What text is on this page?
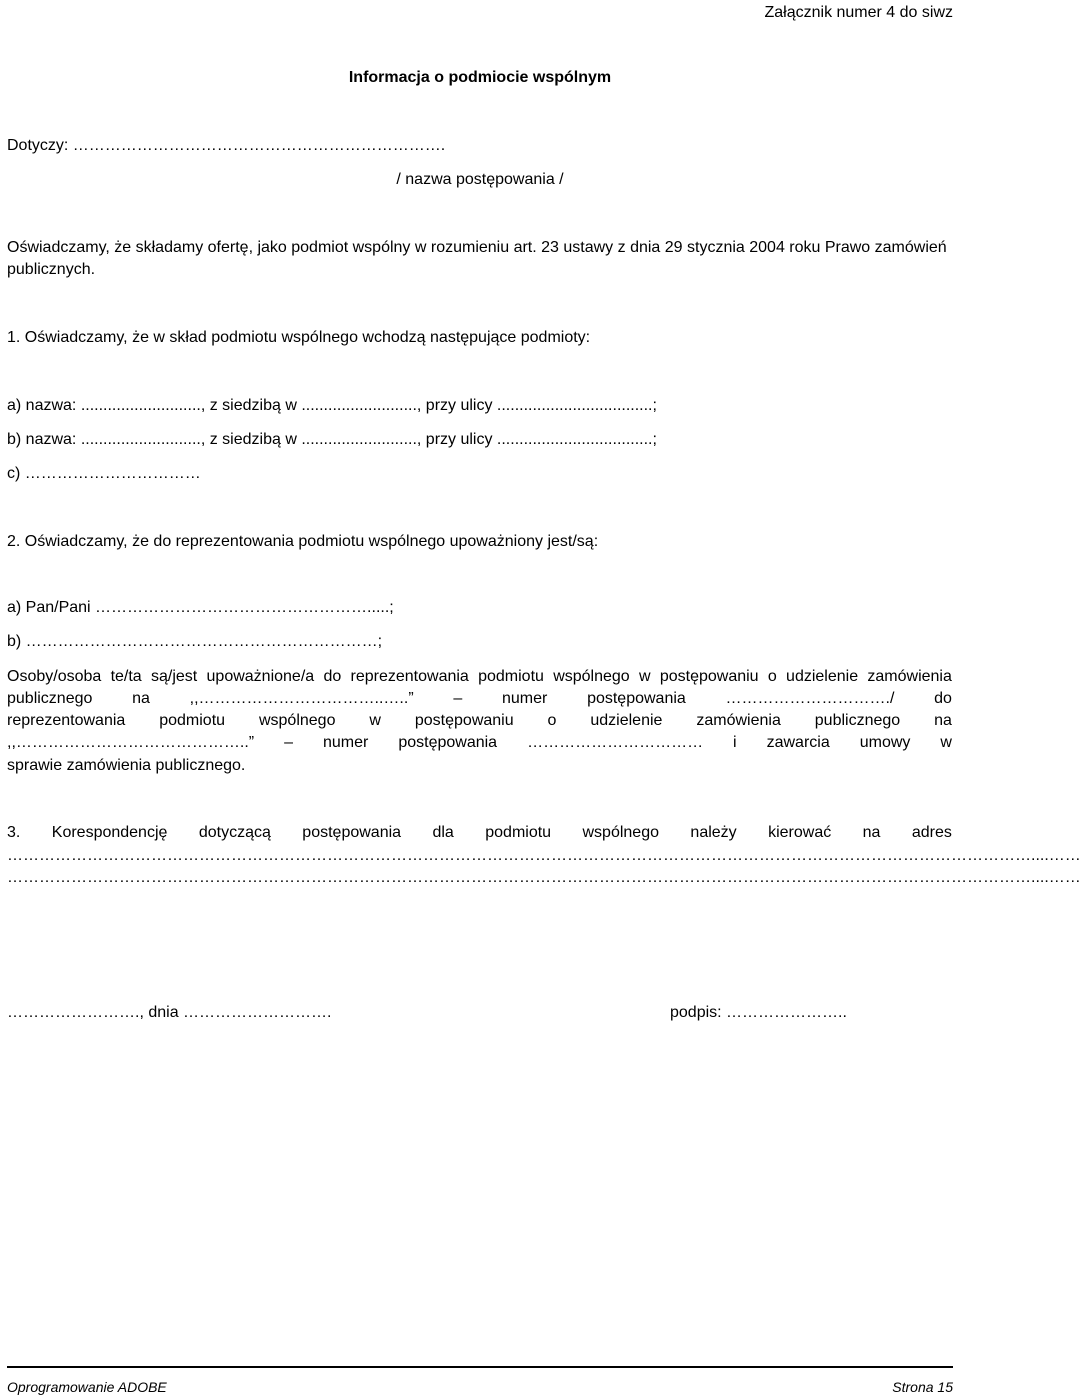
Załącznik numer 4 do siwz
Informacja o podmiocie wspólnym
Dotyczy: …………………………………………………………….
/ nazwa postępowania /
Oświadczamy, że składamy ofertę, jako podmiot wspólny w rozumieniu art. 23 ustawy z dnia 29 stycznia 2004 roku Prawo zamówień
publicznych.
1. Oświadczamy, że w skład podmiotu wspólnego wchodzą następujące podmioty:
a) nazwa: ..........................., z siedzibą w .........................., przy ulicy ...................................;
b) nazwa: ..........................., z siedzibą w .........................., przy ulicy ...................................;
c) ……………………………
2. Oświadczamy, że do reprezentowania podmiotu wspólnego upoważniony jest/są:
a) Pan/Pani …………………………………………….....;
b) …………………………………………………………;
Osoby/osoba te/ta są/jest upoważnione/a do reprezentowania podmiotu wspólnego w postępowaniu o udzielenie zamówienia
publicznego na ,,……………………………..…..” – numer postępowania …………………………./ do
reprezentowania podmiotu wspólnego w postępowaniu o udzielenie zamówienia publicznego na
,,……………………………………..” – numer postępowania …………………………… i zawarcia umowy w
sprawie zamówienia publicznego.
3. Korespondencję dotyczącą postępowania dla podmiotu wspólnego należy kierować na adres
…………………………………………………………………………………………………………………………………………………………………………....……
…………………………………………………………………………………………………………………………………………………………………………....……
……………………., dnia ……………………….	podpis: …………………..
Oprogramowanie ADOBE	Strona 15
